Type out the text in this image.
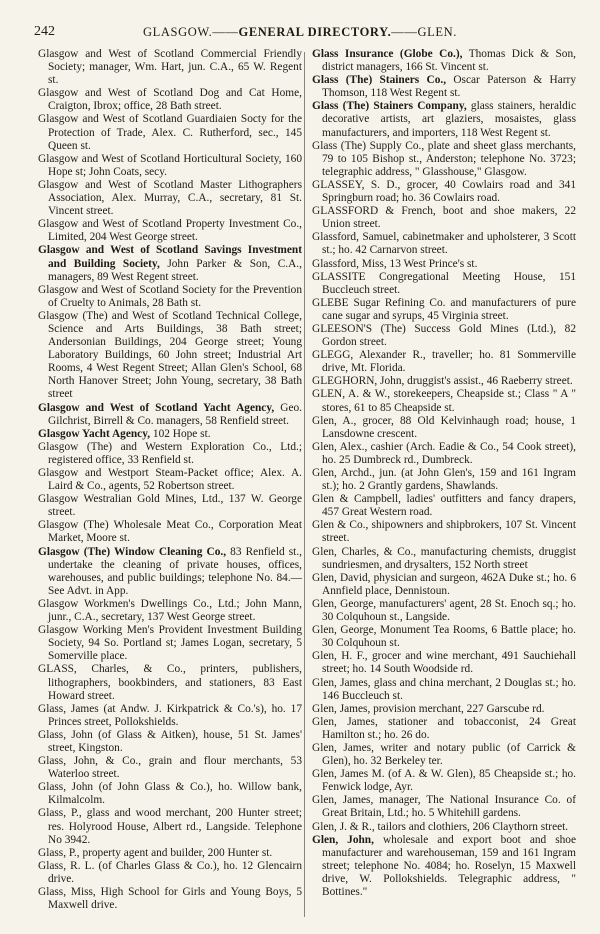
242	GLASGOW.——GENERAL DIRECTORY.——GLEN.

Glasgow and West of Scotland Commercial Friendly Society; manager, Wm. Hart, jun. C.A., 65 W. Regent st.

Glasgow and West of Scotland Dog and Cat Home, Craigton, Ibrox; office, 28 Bath street.

Glasgow and West of Scotland Guardiaien Socty for the Protection of Trade, Alex. C. Rutherford, sec., 145 Queen st.

Glasgow and West of Scotland Horticultural Society, 160 Hope st; John Coats, secy.

Glasgow and West of Scotland Master Lithographers Association, Alex. Murray, C.A., secretary, 81 St. Vincent street.

Glasgow and West of Scotland Property Investment Co., Limited, 204 West George street.

Glasgow and West of Scotland Savings Investment and Building Society, John Parker & Son, C.A., managers, 89 West Regent street.

Glasgow and West of Scotland Society for the Prevention of Cruelty to Animals, 28 Bath st.

Glasgow (The) and West of Scotland Technical College, Science and Arts Buildings, 38 Bath street; Andersonian Buildings, 204 George street; Young Laboratory Buildings, 60 John street; Industrial Art Rooms, 4 West Regent Street; Allan Glen's School, 68 North Hanover Street; John Young, secretary, 38 Bath street

Glasgow and West of Scotland Yacht Agency, Geo. Gilchrist, Birrell & Co. managers, 58 Renfield street.

Glasgow Yacht Agency, 102 Hope st.

Glasgow (The) and Western Exploration Co., Ltd.; registered office, 33 Renfield st.

Glasgow and Westport Steam-Packet office; Alex. A. Laird & Co., agents, 52 Robertson street.

Glasgow Westralian Gold Mines, Ltd., 137 W. George street.

Glasgow (The) Wholesale Meat Co., Corporation Meat Market, Moore st.

Glasgow (The) Window Cleaning Co., 83 Renfield st., undertake the cleaning of private houses, offices, warehouses, and public buildings; telephone No. 84.—See Advt. in App.

Glasgow Workmen's Dwellings Co., Ltd.; John Mann, junr., C.A., secretary, 137 West George street.

Glasgow Working Men's Provident Investment Building Society, 94 So. Portland st; James Logan, secretary, 5 Somerville place.

GLASS, Charles, & Co., printers, publishers, lithographers, bookbinders, and stationers, 83 East Howard street.

Glass, James (at Andw. J. Kirkpatrick & Co.'s), ho. 17 Princes street, Pollokshields.

Glass, John (of Glass & Aitken), house, 51 St. James' street, Kingston.

Glass, John, & Co., grain and flour merchants, 53 Waterloo street.

Glass, John (of John Glass & Co.), ho. Willow bank, Kilmalcolm.

Glass, P., glass and wood merchant, 200 Hunter street; res. Holyrood House, Albert rd., Langside. Telephone No 3942.

Glass, P., property agent and builder, 200 Hunter st.

Glass, R. L. (of Charles Glass & Co.), ho. 12 Glencairn drive.

Glass, Miss, High School for Girls and Young Boys, 5 Maxwell drive.

Glass Insurance (Globe Co.), Thomas Dick & Son, district managers, 166 St. Vincent st.

Glass (The) Stainers Co., Oscar Paterson & Harry Thomson, 118 West Regent st.

Glass (The) Stainers Company, glass stainers, heraldic decorative artists, art glaziers, mosaistes, glass manufacturers, and importers, 118 West Regent st.

Glass (The) Supply Co., plate and sheet glass merchants, 79 to 105 Bishop st., Anderston; telephone No. 3723; telegraphic address, " Glasshouse," Glasgow.

GLASSEY, S. D., grocer, 40 Cowlairs road and 341 Springburn road; ho. 36 Cowlairs road.

GLASSFORD & French, boot and shoe makers, 22 Union street.

Glassford, Samuel, cabinetmaker and upholsterer, 3 Scott st.; ho. 42 Carnarvon street.

Glassford, Miss, 13 West Prince's st.

GLASSITE Congregational Meeting House, 151 Buccleuch street.

GLEBE Sugar Refining Co. and manufacturers of pure cane sugar and syrups, 45 Virginia street.

GLEESON'S (The) Success Gold Mines (Ltd.), 82 Gordon street.

GLEGG, Alexander R., traveller; ho. 81 Sommerville drive, Mt. Florida.

GLEGHORN, John, druggist's assist., 46 Raeberry street.

GLEN, A. & W., storekeepers, Cheapside st.; Class " A " stores, 61 to 85 Cheapside st.

Glen, A., grocer, 88 Old Kelvinhaugh road; house, 1 Lansdowne crescent.

Glen, Alex., cashier (Arch. Eadie & Co., 54 Cook street), ho. 25 Dumbreck rd., Dumbreck.

Glen, Archd., jun. (at John Glen's, 159 and 161 Ingram st.); ho. 2 Grantly gardens, Shawlands.

Glen & Campbell, ladies' outfitters and fancy drapers, 457 Great Western road.

Glen & Co., shipowners and shipbrokers, 107 St. Vincent street.

Glen, Charles, & Co., manufacturing chemists, druggist sundriesmen, and drysalters, 152 North street

Glen, David, physician and surgeon, 462A Duke st.; ho. 6 Annfield place, Dennistoun.

Glen, George, manufacturers' agent, 28 St. Enoch sq.; ho. 30 Colquhoun st., Langside.

Glen, George, Monument Tea Rooms, 6 Battle place; ho. 30 Colquhoun st.

Glen, H. F., grocer and wine merchant, 491 Sauchiehall street; ho. 14 South Woodside rd.

Glen, James, glass and china merchant, 2 Douglas st.; ho. 146 Buccleuch st.

Glen, James, provision merchant, 227 Garscube rd.

Glen, James, stationer and tobacconist, 24 Great Hamilton st.; ho. 26 do.

Glen, James, writer and notary public (of Carrick & Glen), ho. 32 Berkeley ter.

Glen, James M. (of A. & W. Glen), 85 Cheapside st.; ho. Fenwick lodge, Ayr.

Glen, James, manager, The National Insurance Co. of Great Britain, Ltd.; ho. 5 Whitehill gardens.

Glen, J. & R., tailors and clothiers, 206 Claythorn street.

Glen, John, wholesale and export boot and shoe manufacturer and warehouseman, 159 and 161 Ingram street; telephone No. 4084; ho. Roselyn, 15 Maxwell drive, W. Pollokshields. Telegraphic address, " Bottines."
